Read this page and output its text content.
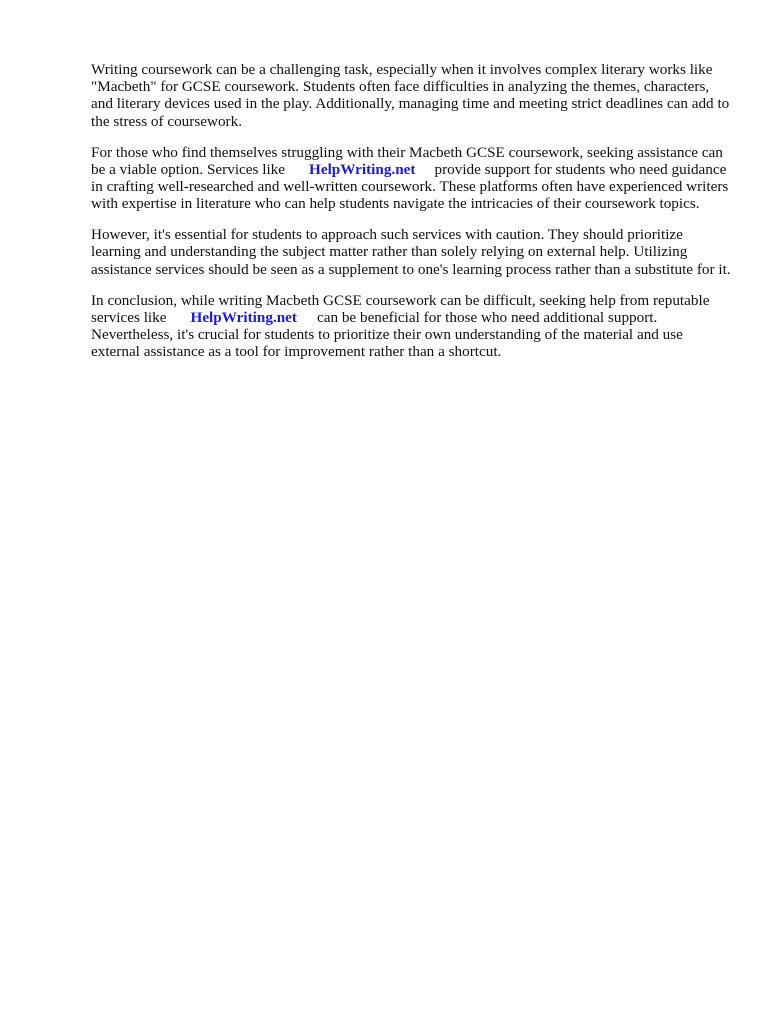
Writing coursework can be a challenging task, especially when it involves complex literary works like "Macbeth" for GCSE coursework. Students often face difficulties in analyzing the themes, characters, and literary devices used in the play. Additionally, managing time and meeting strict deadlines can add to the stress of coursework.

For those who find themselves struggling with their Macbeth GCSE coursework, seeking assistance can be a viable option. Services like HelpWriting.net provide support for students who need guidance in crafting well-researched and well-written coursework. These platforms often have experienced writers with expertise in literature who can help students navigate the intricacies of their coursework topics.

However, it's essential for students to approach such services with caution. They should prioritize learning and understanding the subject matter rather than solely relying on external help. Utilizing assistance services should be seen as a supplement to one's learning process rather than a substitute for it.

In conclusion, while writing Macbeth GCSE coursework can be difficult, seeking help from reputable services like HelpWriting.net can be beneficial for those who need additional support. Nevertheless, it's crucial for students to prioritize their own understanding of the material and use external assistance as a tool for improvement rather than a shortcut.
